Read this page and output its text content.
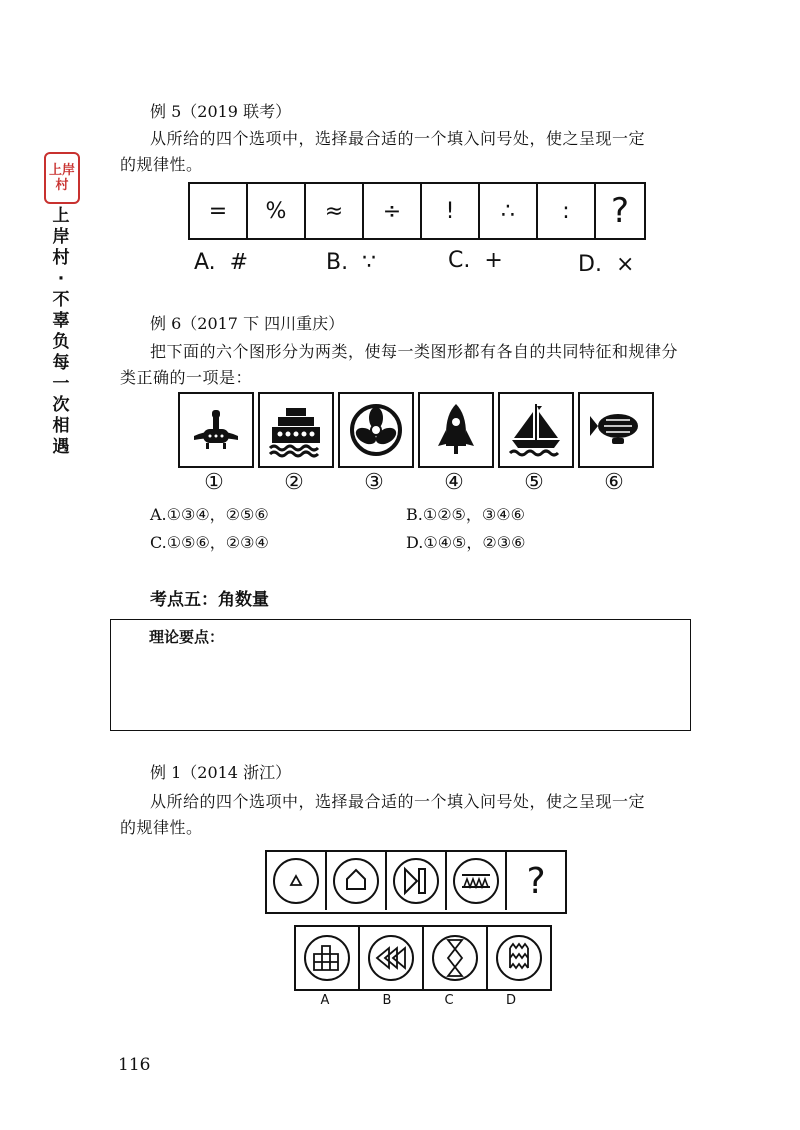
上岸村
上岸村·不辜负每一次相遇
例 5（2019 联考）
从所给的四个选项中，选择最合适的一个填入问号处，使之呈现一定的规律性。
= % ≈ ÷ ! ∴ : ?
A. #	B. ∵	C. +	D. ×
例 6（2017 下 四川重庆）
把下面的六个图形分为两类，使每一类图形都有各自的共同特征和规律分类正确的一项是：
①	②	③	④	⑤	⑥
A.①③④，②⑤⑥	B.①②⑤，③④⑥
C.①⑤⑥，②③④	D.①④⑤，②③⑥
考点五：角数量
理论要点：
例 1（2014 浙江）
从所给的四个选项中，选择最合适的一个填入问号处，使之呈现一定的规律性。
?
A	B	C	D
116
